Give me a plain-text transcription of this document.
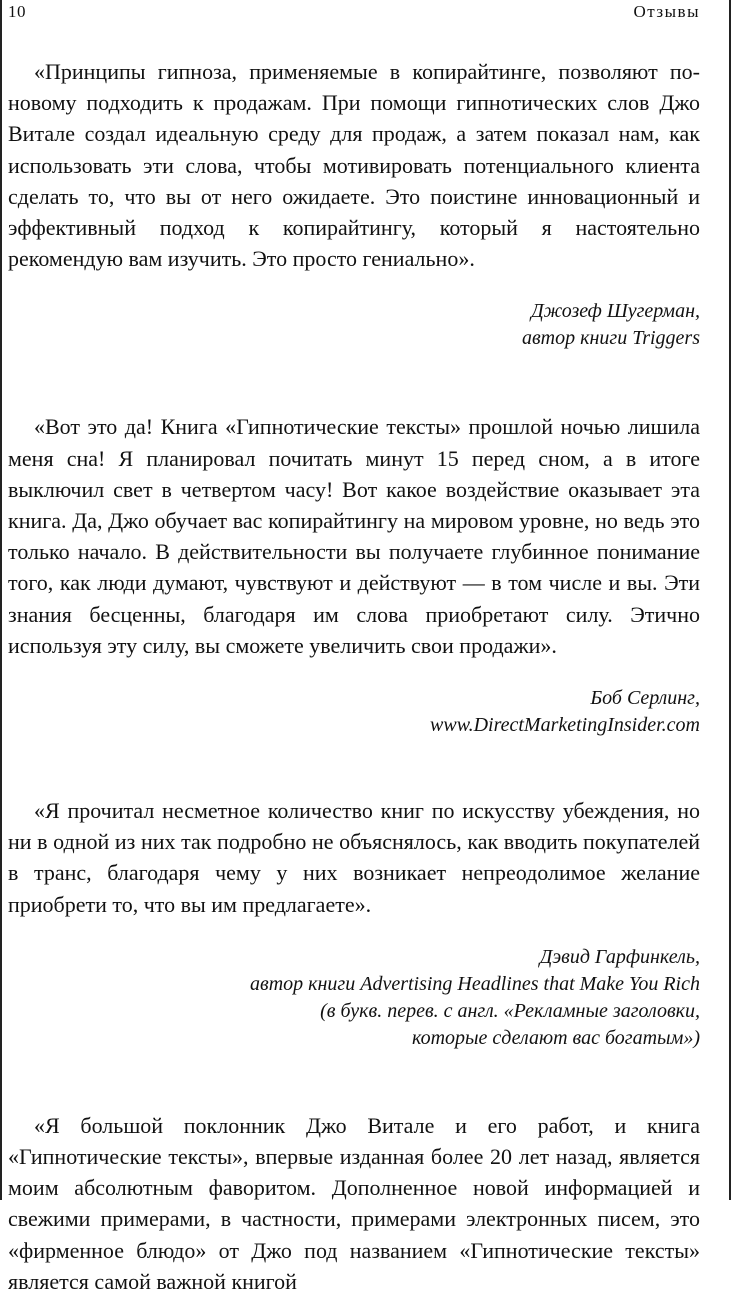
10	Отзывы

«Принципы гипноза, применяемые в копирайтинге, позволяют по-новому подходить к продажам. При помощи гипнотических слов Джо Витале создал идеальную среду для продаж, а затем показал нам, как использовать эти слова, чтобы мотивировать потенциального клиента сделать то, что вы от него ожидаете. Это поистине инновационный и эффективный подход к копирайтингу, который я настоятельно рекомендую вам изучить. Это просто гениально».

Джозеф Шугерман,
автор книги Triggers

«Вот это да! Книга «Гипнотические тексты» прошлой ночью лишила меня сна! Я планировал почитать минут 15 перед сном, а в итоге выключил свет в четвертом часу! Вот какое воздействие оказывает эта книга. Да, Джо обучает вас копирайтингу на мировом уровне, но ведь это только начало. В действительности вы получаете глубинное понимание того, как люди думают, чувствуют и действуют — в том числе и вы. Эти знания бесценны, благодаря им слова приобретают силу. Этично используя эту силу, вы сможете увеличить свои продажи».

Боб Серлинг,
www.DirectMarketingInsider.com

«Я прочитал несметное количество книг по искусству убеждения, но ни в одной из них так подробно не объяснялось, как вводить покупателей в транс, благодаря чему у них возникает непреодолимое желание приобрети то, что вы им предлагаете».

Дэвид Гарфинкель,
автор книги Advertising Headlines that Make You Rich
(в букв. перев. с англ. «Рекламные заголовки,
которые сделают вас богатым»)

«Я большой поклонник Джо Витале и его работ, и книга «Гипнотические тексты», впервые изданная более 20 лет назад, является моим абсолютным фаворитом. Дополненное новой информацией и свежими примерами, в частности, примерами электронных писем, это «фирменное блюдо» от Джо под названием «Гипнотические тексты» является самой важной книгой
